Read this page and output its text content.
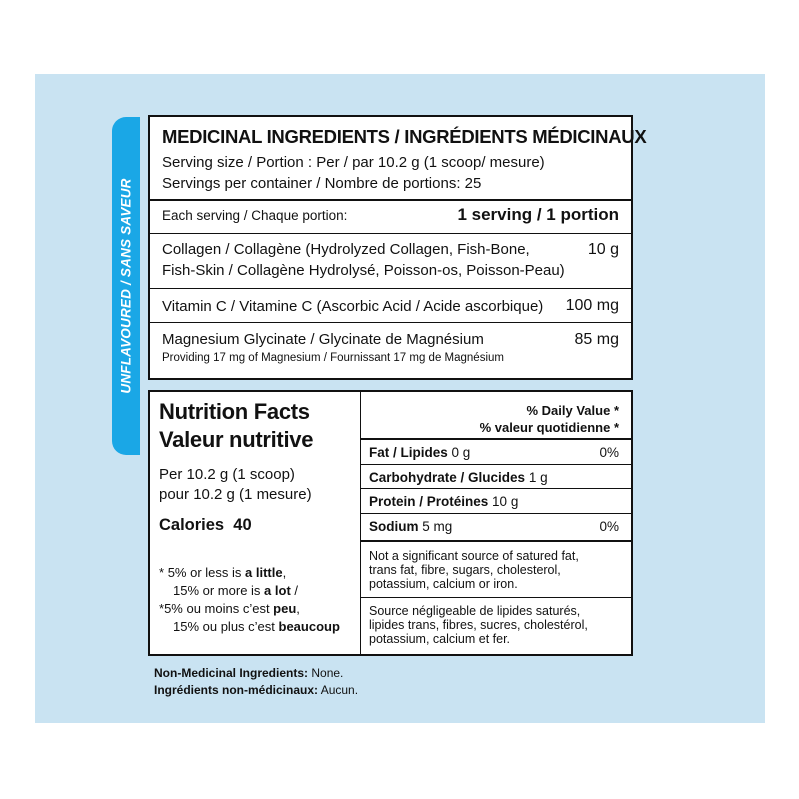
UNFLAVOURED / SANS SAVEUR
MEDICINAL INGREDIENTS / INGRÉDIENTS MÉDICINAUX
Serving size / Portion : Per / par 10.2 g (1 scoop/ mesure)
Servings per container / Nombre de portions: 25
Each serving / Chaque portion:	1 serving / 1 portion
Collagen / Collagène (Hydrolyzed Collagen, Fish-Bone,
Fish-Skin / Collagène Hydrolysé, Poisson-os, Poisson-Peau)
10 g
Vitamin C / Vitamine C (Ascorbic Acid / Acide ascorbique) 100 mg
Magnesium Glycinate / Glycinate de Magnésium
Providing 17 mg of Magnesium / Fournissant 17 mg de Magnésium
85 mg
Nutrition Facts
Valeur nutritive
Per 10.2 g (1 scoop)
pour 10.2 g (1 mesure)
Calories 40
* 5% or less is a little,
15% or more is a lot /
*5% ou moins c’est peu,
15% ou plus c’est beaucoup
% Daily Value *
% valeur quotidienne *
Fat / Lipides 0 g	0%
Carbohydrate / Glucides 1 g
Protein / Protéines 10 g
Sodium 5 mg	0%
Not a significant source of satured fat,
trans fat, fibre, sugars, cholesterol,
potassium, calcium or iron.
Source négligeable de lipides saturés,
lipides trans, fibres, sucres, cholestérol,
potassium, calcium et fer.
Non-Medicinal Ingredients: None.
Ingrédients non-médicinaux: Aucun.
